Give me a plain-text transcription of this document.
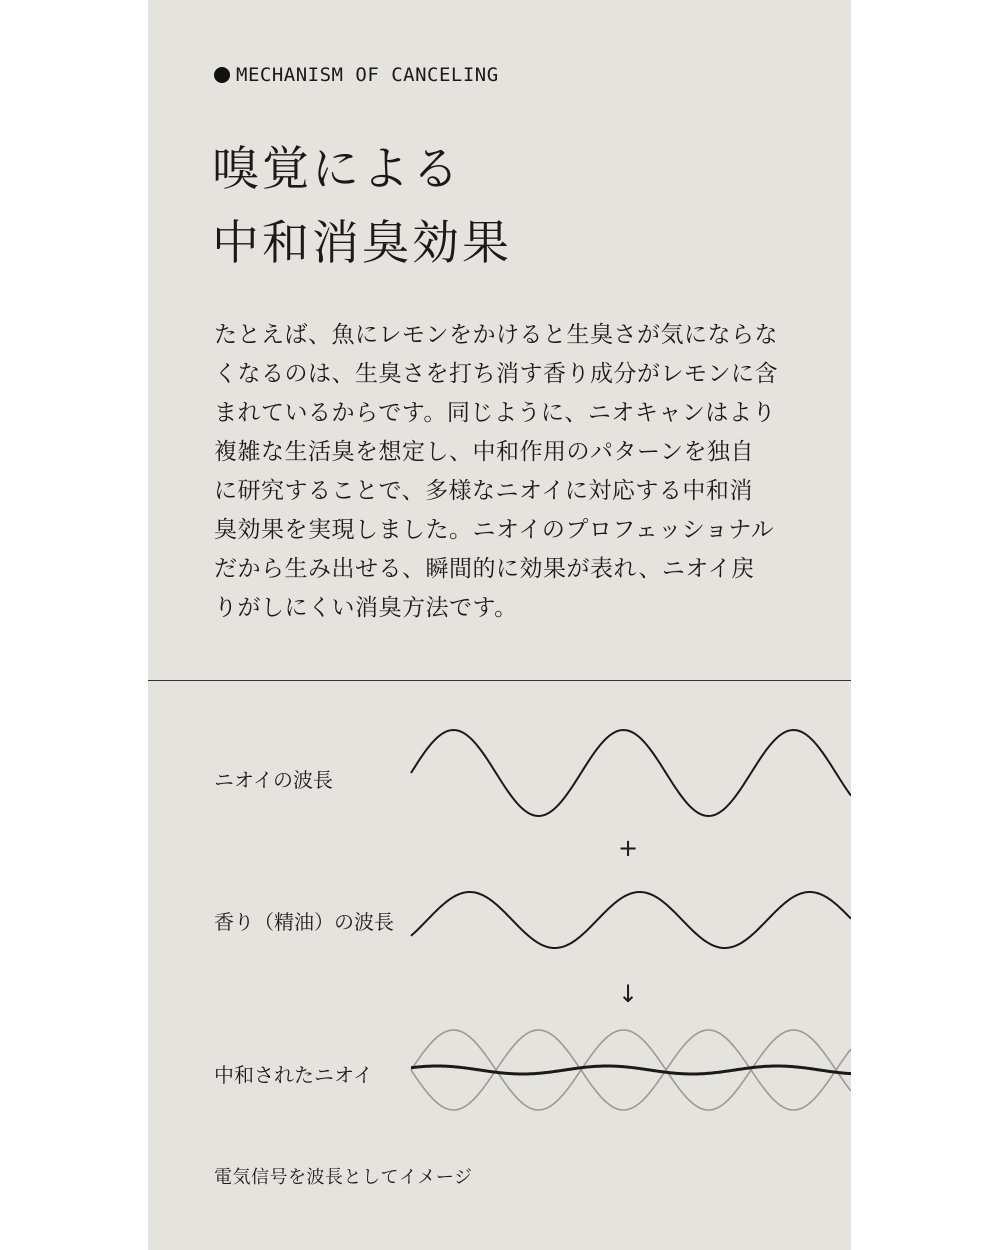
MECHANISM OF CANCELING
嗅覚による
中和消臭効果

たとえば、魚にレモンをかけると生臭さが気にならな
くなるのは、生臭さを打ち消す香り成分がレモンに含
まれているからです。同じように、ニオキャンはより
複雑な生活臭を想定し、中和作用のパターンを独自
に研究することで、多様なニオイに対応する中和消
臭効果を実現しました。ニオイのプロフェッショナル
だから生み出せる、瞬間的に効果が表れ、ニオイ戻
りがしにくい消臭方法です。

ニオイの波長
+
香り（精油）の波長
↓
中和されたニオイ
電気信号を波長としてイメージ
